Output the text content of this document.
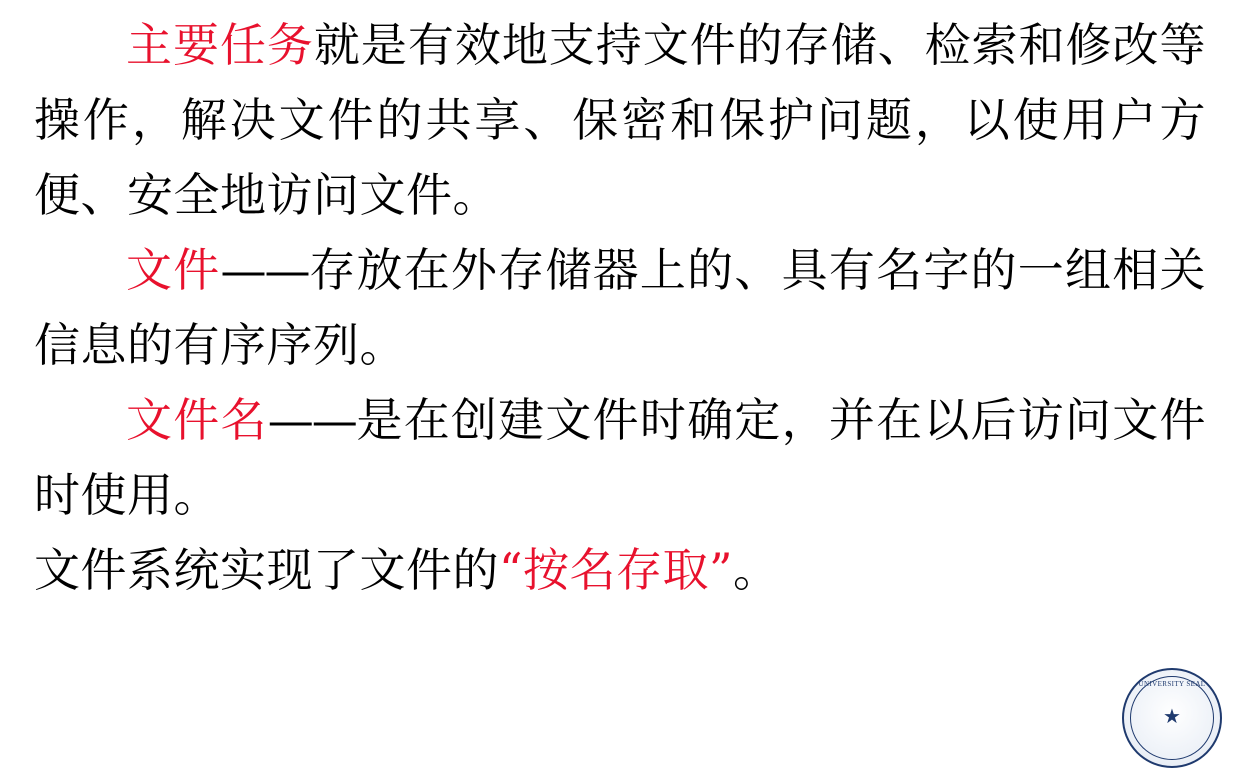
主要任务就是有效地支持文件的存储、检索和修改等操作，解决文件的共享、保密和保护问题，以使用户方便、安全地访问文件。

文件——存放在外存储器上的、具有名字的一组相关信息的有序序列。

文件名——是在创建文件时确定，并在以后访问文件时使用。

文件系统实现了文件的“按名存取”。

UNIVERSITY SEAL
★
